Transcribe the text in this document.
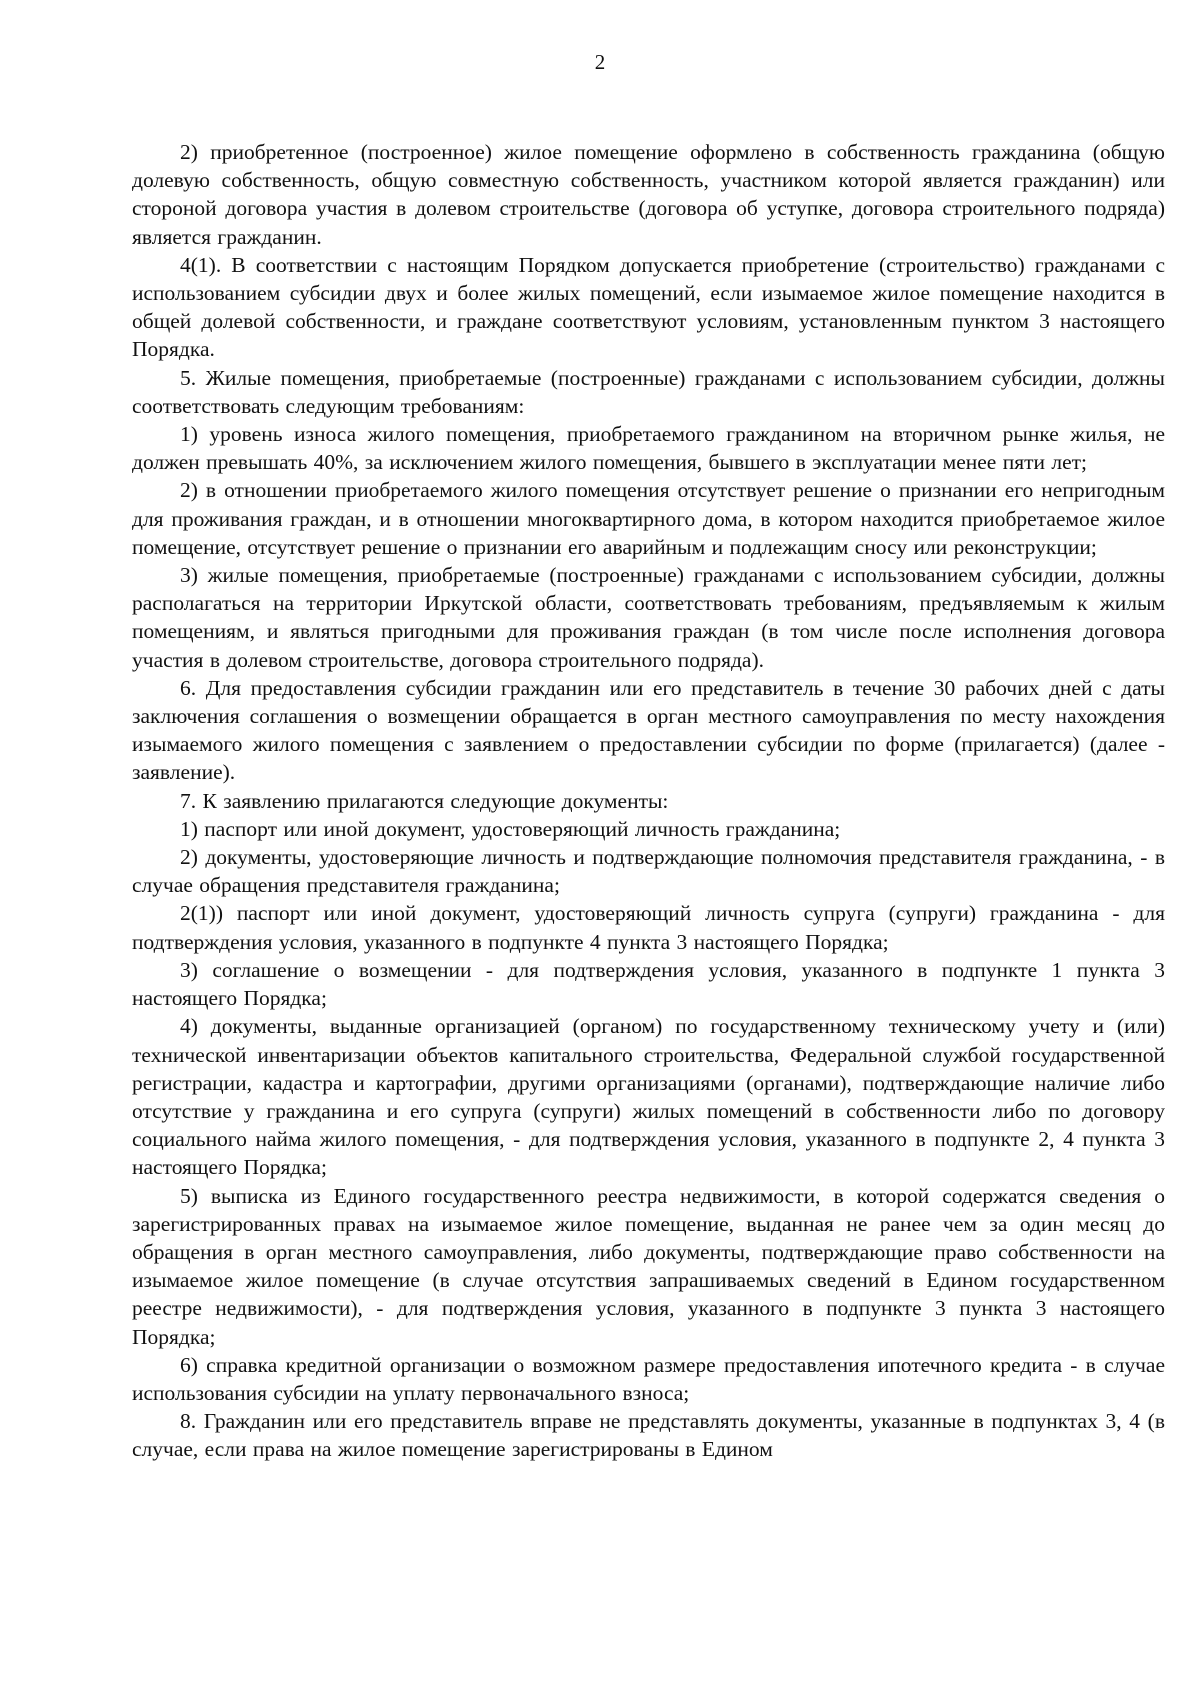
2

2) приобретенное (построенное) жилое помещение оформлено в собственность гражданина (общую долевую собственность, общую совместную собственность, участником которой является гражданин) или стороной договора участия в долевом строительстве (договора об уступке, договора строительного подряда) является гражданин.

4(1). В соответствии с настоящим Порядком допускается приобретение (строительство) гражданами с использованием субсидии двух и более жилых помещений, если изымаемое жилое помещение находится в общей долевой собственности, и граждане соответствуют условиям, установленным пунктом 3 настоящего Порядка.

5. Жилые помещения, приобретаемые (построенные) гражданами с использованием субсидии, должны соответствовать следующим требованиям:

1) уровень износа жилого помещения, приобретаемого гражданином на вторичном рынке жилья, не должен превышать 40%, за исключением жилого помещения, бывшего в эксплуатации менее пяти лет;

2) в отношении приобретаемого жилого помещения отсутствует решение о признании его непригодным для проживания граждан, и в отношении многоквартирного дома, в котором находится приобретаемое жилое помещение, отсутствует решение о признании его аварийным и подлежащим сносу или реконструкции;

3) жилые помещения, приобретаемые (построенные) гражданами с использованием субсидии, должны располагаться на территории Иркутской области, соответствовать требованиям, предъявляемым к жилым помещениям, и являться пригодными для проживания граждан (в том числе после исполнения договора участия в долевом строительстве, договора строительного подряда).

6. Для предоставления субсидии гражданин или его представитель в течение 30 рабочих дней с даты заключения соглашения о возмещении обращается в орган местного самоуправления по месту нахождения изымаемого жилого помещения с заявлением о предоставлении субсидии по форме (прилагается) (далее - заявление).

7. К заявлению прилагаются следующие документы:

1) паспорт или иной документ, удостоверяющий личность гражданина;

2) документы, удостоверяющие личность и подтверждающие полномочия представителя гражданина, - в случае обращения представителя гражданина;

2(1)) паспорт или иной документ, удостоверяющий личность супруга (супруги) гражданина - для подтверждения условия, указанного в подпункте 4 пункта 3 настоящего Порядка;

3) соглашение о возмещении - для подтверждения условия, указанного в подпункте 1 пункта 3 настоящего Порядка;

4) документы, выданные организацией (органом) по государственному техническому учету и (или) технической инвентаризации объектов капитального строительства, Федеральной службой государственной регистрации, кадастра и картографии, другими организациями (органами), подтверждающие наличие либо отсутствие у гражданина и его супруга (супруги) жилых помещений в собственности либо по договору социального найма жилого помещения, - для подтверждения условия, указанного в подпункте 2, 4 пункта 3 настоящего Порядка;

5) выписка из Единого государственного реестра недвижимости, в которой содержатся сведения о зарегистрированных правах на изымаемое жилое помещение, выданная не ранее чем за один месяц до обращения в орган местного самоуправления, либо документы, подтверждающие право собственности на изымаемое жилое помещение (в случае отсутствия запрашиваемых сведений в Едином государственном реестре недвижимости), - для подтверждения условия, указанного в подпункте 3 пункта 3 настоящего Порядка;

6) справка кредитной организации о возможном размере предоставления ипотечного кредита - в случае использования субсидии на уплату первоначального взноса;

8. Гражданин или его представитель вправе не представлять документы, указанные в подпунктах 3, 4 (в случае, если права на жилое помещение зарегистрированы в Едином
